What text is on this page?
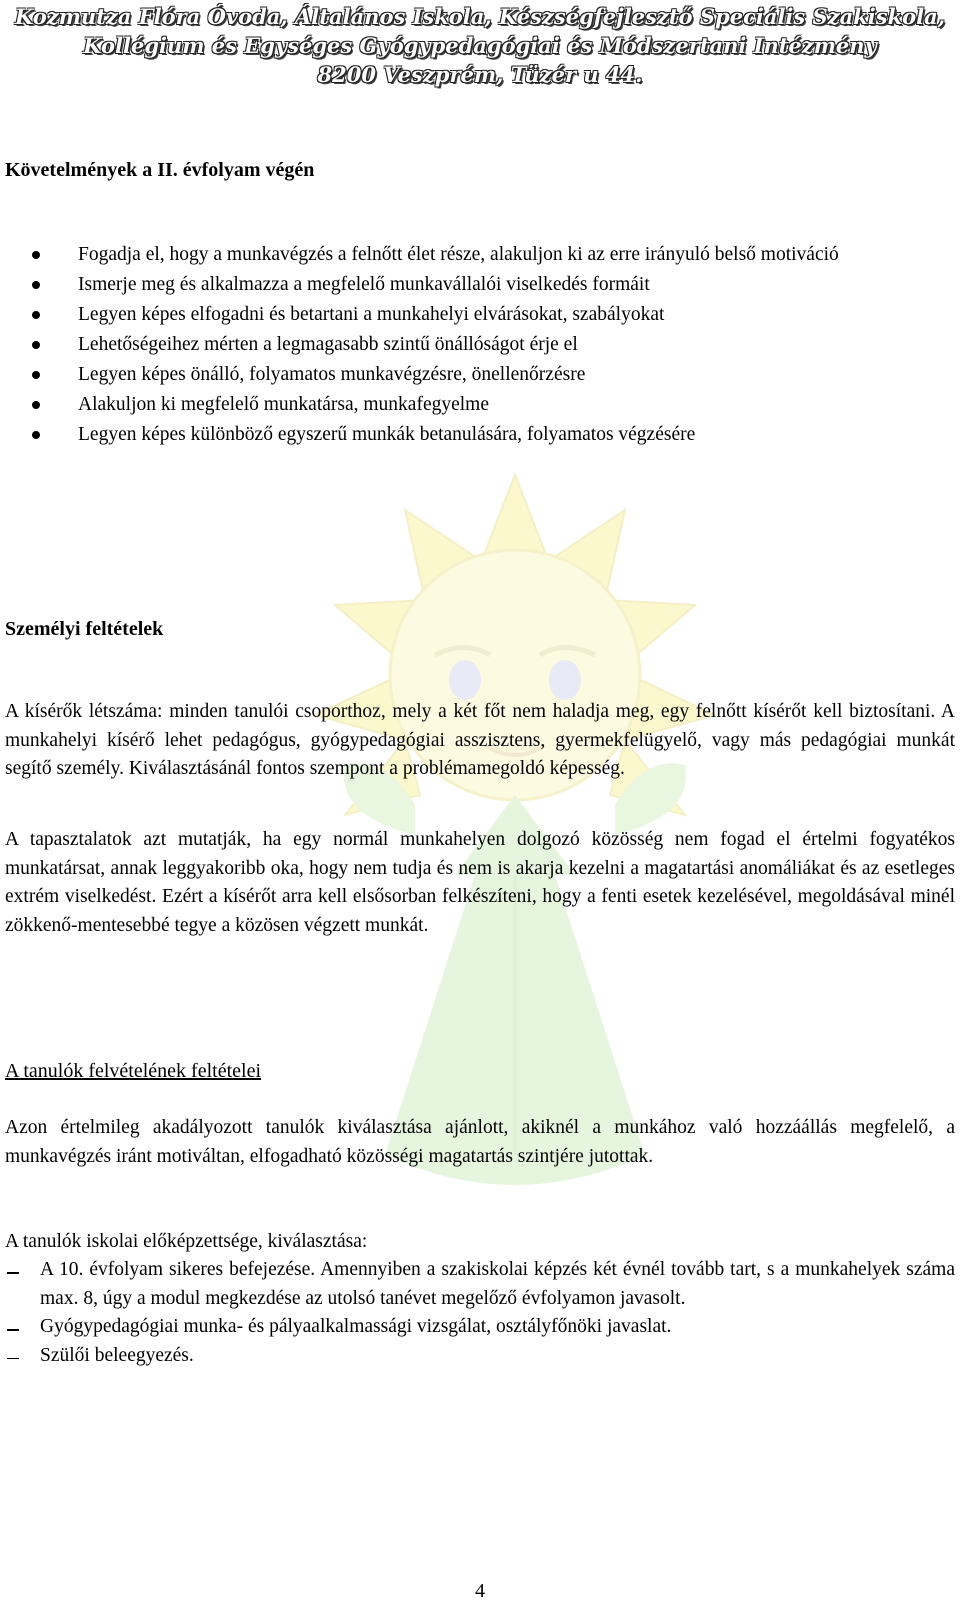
Kozmutza Flóra Óvoda, Általános Iskola, Készségfejlesztő Speciális Szakiskola,
Kollégium és Egységes Gyógypedagógiai és Módszertani Intézmény
8200 Veszprém, Tüzér u 44.
Követelmények a II. évfolyam végén
Fogadja el, hogy a munkavégzés a felnőtt élet része, alakuljon ki az erre irányuló belső motiváció
Ismerje meg és alkalmazza a megfelelő munkavállalói viselkedés formáit
Legyen képes elfogadni és betartani a munkahelyi elvárásokat, szabályokat
Lehetőségeihez mérten a legmagasabb szintű önállóságot érje el
Legyen képes önálló, folyamatos munkavégzésre, önellenőrzésre
Alakuljon ki megfelelő munkatársa, munkafegyelme
Legyen képes különböző egyszerű munkák betanulására, folyamatos végzésére
Személyi feltételek

A kísérők létszáma: minden tanulói csoporthoz, mely a két főt nem haladja meg, egy felnőtt kísérőt kell biztosítani. A munkahelyi kísérő lehet pedagógus, gyógypedagógiai asszisztens, gyermekfelügyelő, vagy más pedagógiai munkát segítő személy. Kiválasztásánál fontos szempont a problémamegoldó képesség.

A tapasztalatok azt mutatják, ha egy normál munkahelyen dolgozó közösség nem fogad el értelmi fogyatékos munkatársat, annak leggyakoribb oka, hogy nem tudja és nem is akarja kezelni a magatartási anomáliákat és az esetleges extrém viselkedést. Ezért a kísérőt arra kell elsősorban felkészíteni, hogy a fenti esetek kezelésével, megoldásával minél zökkenő-mentesebbé tegye a közösen végzett munkát.

A tanulók felvételének feltételei

Azon értelmileg akadályozott tanulók kiválasztása ajánlott, akiknél a munkához való hozzáállás megfelelő, a munkavégzés iránt motiváltan, elfogadható közösségi magatartás szintjére jutottak.

A tanulók iskolai előképzettsége, kiválasztása:
A 10. évfolyam sikeres befejezése. Amennyiben a szakiskolai képzés két évnél tovább tart, s a munkahelyek száma max. 8, úgy a modul megkezdése az utolsó tanévet megelőző évfolyamon javasolt.
Gyógypedagógiai munka- és pályaalkalmassági vizsgálat, osztályfőnöki javaslat.
Szülői beleegyezés.
4
